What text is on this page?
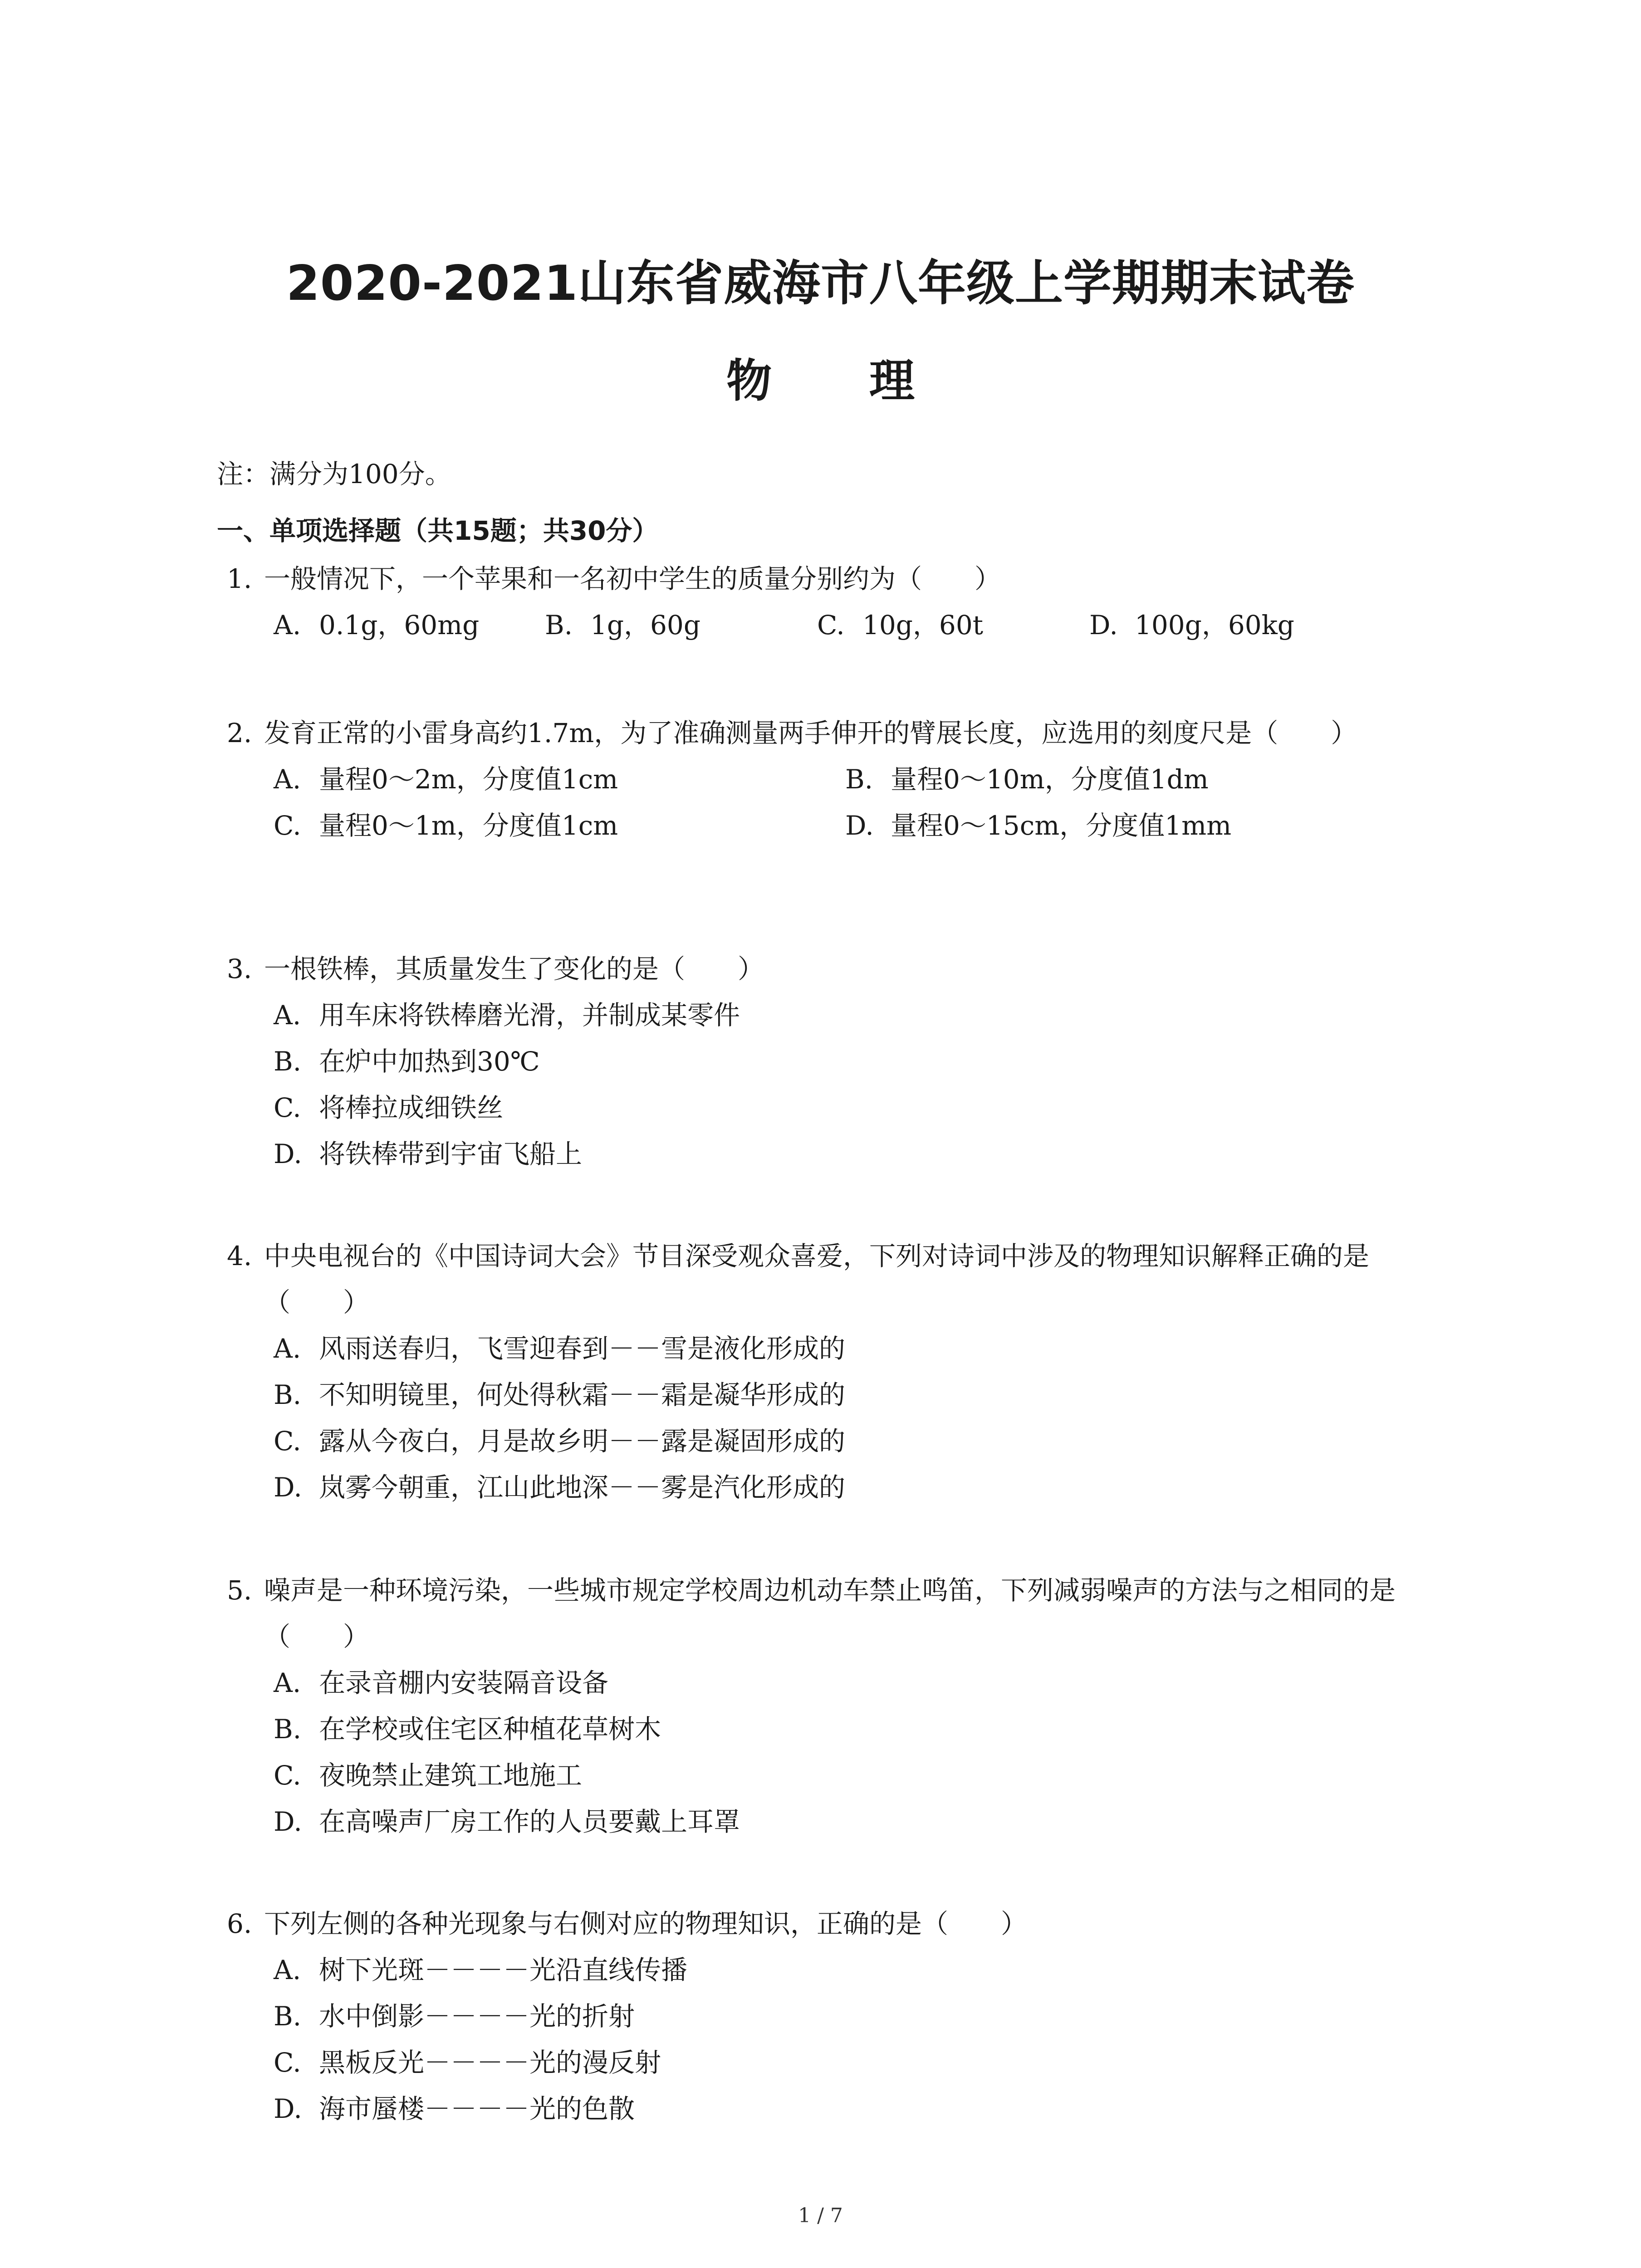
2020-2021山东省威海市八年级上学期期末试卷
物 理
注：满分为100分。
一、单项选择题（共15题；共30分）
1. 一般情况下，一个苹果和一名初中学生的质量分别约为（　　）
A. 0.1g，60mg B. 1g，60g	C. 10g，60t	D. 100g，60kg
2. 发育正常的小雷身高约1.7m，为了准确测量两手伸开的臂展长度，应选用的刻度尺是（　　）
A. 量程0～2m，分度值1cm	B. 量程0～10m，分度值1dm
C. 量程0～1m，分度值1cm	D. 量程0～15cm，分度值1mm
3. 一根铁棒，其质量发生了变化的是（　　）
A. 用车床将铁棒磨光滑，并制成某零件
B. 在炉中加热到30℃
C. 将棒拉成细铁丝
D. 将铁棒带到宇宙飞船上
4. 中央电视台的《中国诗词大会》节目深受观众喜爱，下列对诗词中涉及的物理知识解释正确的是（　　）
A. 风雨送春归，飞雪迎春到－－雪是液化形成的
B. 不知明镜里，何处得秋霜－－霜是凝华形成的
C. 露从今夜白，月是故乡明－－露是凝固形成的
D. 岚雾今朝重，江山此地深－－雾是汽化形成的
5. 噪声是一种环境污染，一些城市规定学校周边机动车禁止鸣笛，下列减弱噪声的方法与之相同的是（　　）
A. 在录音棚内安装隔音设备
B. 在学校或住宅区种植花草树木
C. 夜晚禁止建筑工地施工
D. 在高噪声厂房工作的人员要戴上耳罩
6. 下列左侧的各种光现象与右侧对应的物理知识，正确的是（　　）
A. 树下光斑－－－－光沿直线传播
B. 水中倒影－－－－光的折射
C. 黑板反光－－－－光的漫反射
D. 海市蜃楼－－－－光的色散
1 / 7
